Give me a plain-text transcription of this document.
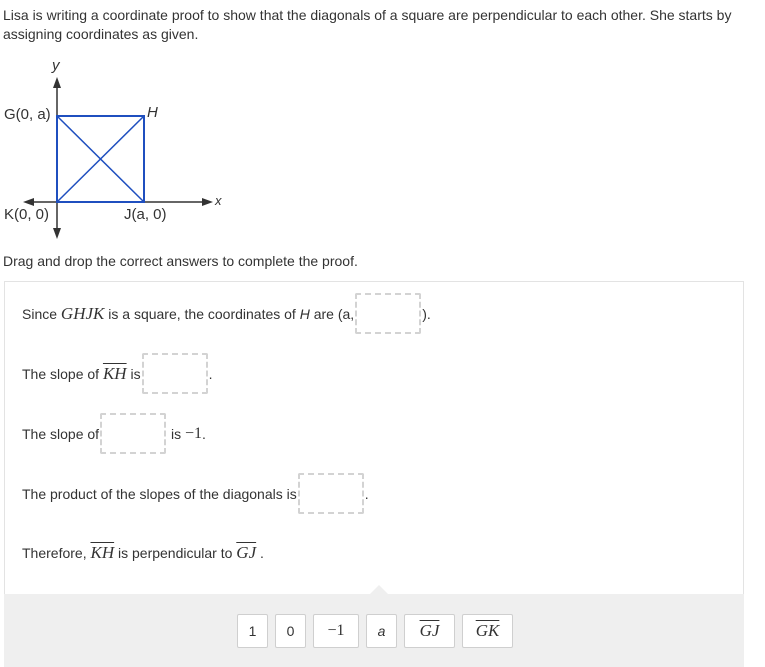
Lisa is writing a coordinate proof to show that the diagonals of a square are perpendicular to each other. She starts by assigning coordinates as given.
y
x
G(0, a)	H
K(0, 0)	J(a, 0)
Drag and drop the correct answers to complete the proof.
Since
GHJK
is a square, the coordinates of
H
are (a,	).
The slope of
$\overline{KH}$
is	.
The slope of
	is
−1 .
The product of the slopes of the diagonals is	.
Therefore,
$\overline{KH}$
is perpendicular to
$\overline{GJ}$
.
1	0	−1	a	$\overline{GJ}$	$\overline{GK}$
